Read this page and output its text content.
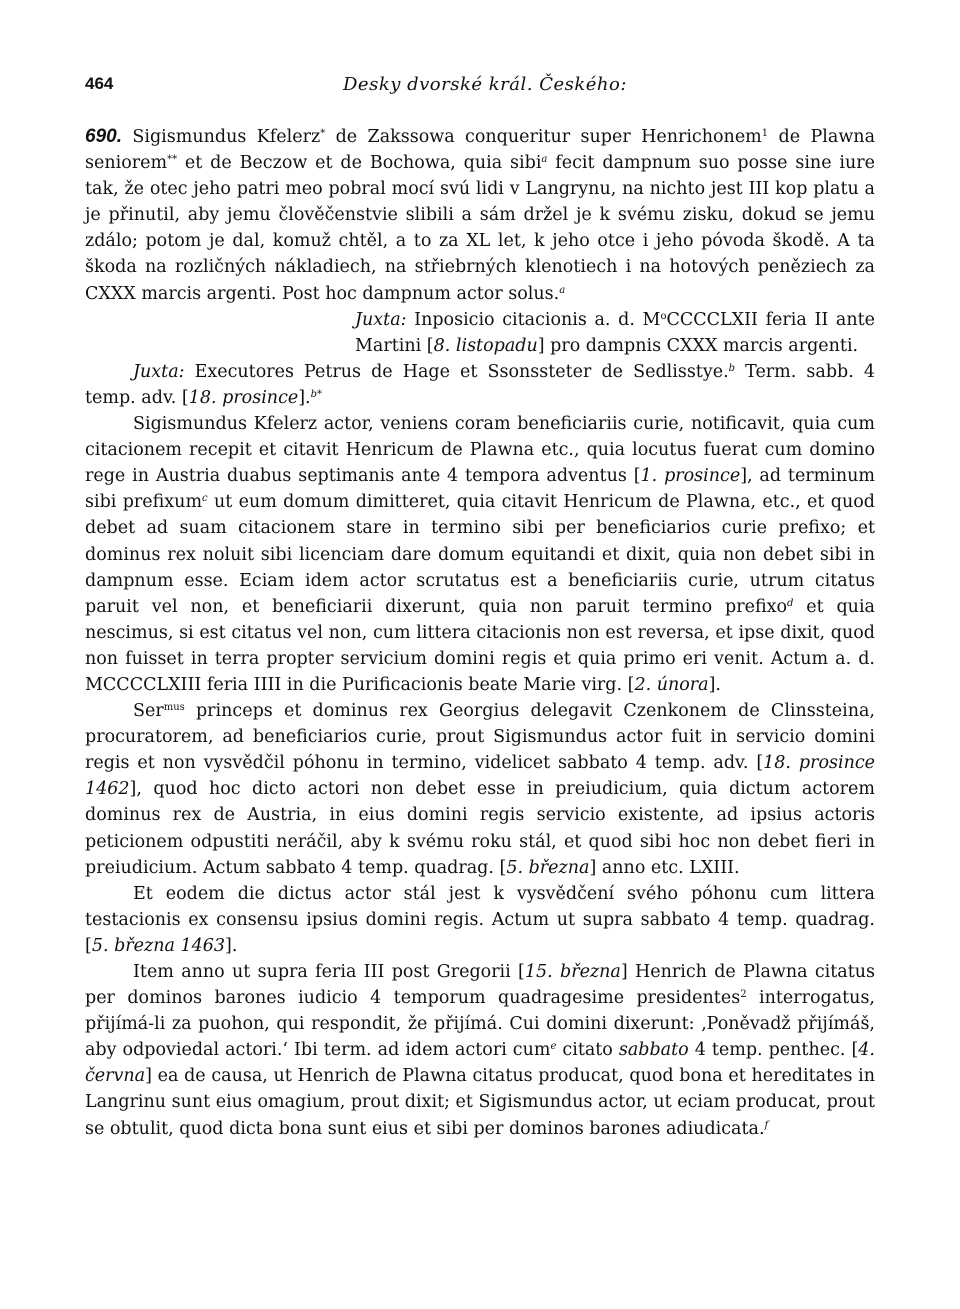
464	Desky dvorské král. Českého:

690. Sigismundus Kfelerz* de Zakssowa conqueritur super Henrichonem$^1$ de Plawna seniorem** et de Beczow et de Bochowa, quia sibi$^a$ fecit dampnum suo posse sine iure tak, že otec jeho patri meo pobral mocí svú lidi v Langrynu, na nichto jest III kop platu a je přinutil, aby jemu člověčenstvie slibili a sám držel je k svému zisku, dokud se jemu zdálo; potom je dal, komuž chtěl, a to za XL let, k jeho otce i jeho póvoda škodě. A ta škoda na rozličných nákladiech, na střiebrných klenotiech i na hotových peněziech za CXXX marcis argenti. Post hoc dampnum actor solus.$^a$

Juxta: Inposicio citacionis a. d. $M^oCCCCLXII$ feria II ante Martini [8. listopadu] pro dampnis CXXX marcis argenti.

Juxta: Executores Petrus de Hage et Ssonssteter de Sedlisstye.$^b$ Term. sabb. 4 temp. adv. [18. prosince].$^{b*}$

Sigismundus Kfelerz actor, veniens coram beneficiariis curie, notificavit, quia cum citacionem recepit et citavit Henricum de Plawna etc., quia locutus fuerat cum domino rege in Austria duabus septimanis ante 4 tempora adventus [1. prosince], ad terminum sibi prefixum$^c$ ut eum domum dimitteret, quia citavit Henricum de Plawna, etc., et quod debet ad suam citacionem stare in termino sibi per beneficiarios curie prefixo; et dominus rex noluit sibi licenciam dare domum equitandi et dixit, quia non debet sibi in dampnum esse. Eciam idem actor scrutatus est a beneficiariis curie, utrum citatus paruit vel non, et beneficiarii dixerunt, quia non paruit termino prefixo$^d$ et quia nescimus, si est citatus vel non, cum littera citacionis non est reversa, et ipse dixit, quod non fuisset in terra propter servicium domini regis et quia primo eri venit. Actum a. d. MCCCCLXIII feria IIII in die Purificacionis beate Marie virg. [2. února].

Ser$^{mus}$ princeps et dominus rex Georgius delegavit Czenkonem de Clinssteina, procuratorem, ad beneficiarios curie, prout Sigismundus actor fuit in servicio domini regis et non vysvědčil póhonu in termino, videlicet sabbato 4 temp. adv. [18. prosince 1462], quod hoc dicto actori non debet esse in preiudicium, quia dictum actorem dominus rex de Austria, in eius domini regis servicio existente, ad ipsius actoris peticionem odpustiti neráčil, aby k svému roku stál, et quod sibi hoc non debet fieri in preiudicium. Actum sabbato 4 temp. quadrag. [5. března] anno etc. LXIII.

Et eodem die dictus actor stál jest k vysvědčení svého póhonu cum littera testacionis ex consensu ipsius domini regis. Actum ut supra sabbato 4 temp. quadrag. [5. března 1463].

Item anno ut supra feria III post Gregorii [15. března] Henrich de Plawna citatus per dominos barones iudicio 4 temporum quadragesime presidentes$^2$ interrogatus, přijímá-li za puohon, qui respondit, že přijímá. Cui domini dixerunt: ‚Poněvadž přijímáš, aby odpoviedal actori.‘ Ibi term. ad idem actori cum$^e$ citato sabbato 4 temp. penthec. [4. června] ea de causa, ut Henrich de Plawna citatus producat, quod bona et hereditates in Langrinu sunt eius omagium, prout dixit; et Sigismundus actor, ut eciam producat, prout se obtulit, quod dicta bona sunt eius et sibi per dominos barones adiudicata.$^f$
